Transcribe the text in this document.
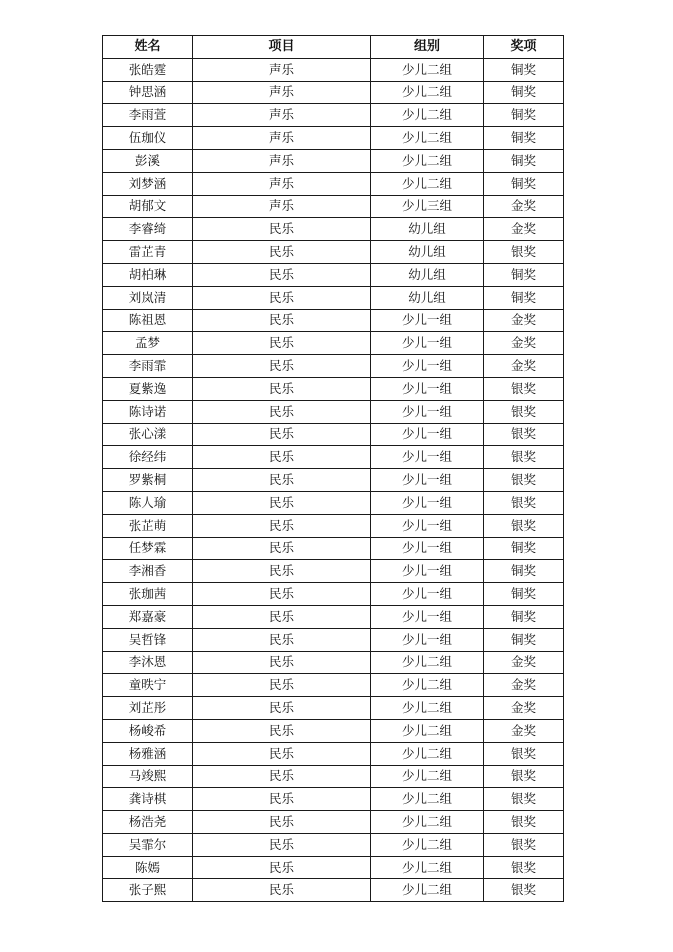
姓名	项目	组别	奖项
张皓霆	声乐	少儿二组	铜奖
钟思涵	声乐	少儿二组	铜奖
李雨萱	声乐	少儿二组	铜奖
伍珈仪	声乐	少儿二组	铜奖
彭溪	声乐	少儿二组	铜奖
刘梦涵	声乐	少儿二组	铜奖
胡郁文	声乐	少儿三组	金奖
李睿绮	民乐	幼儿组	金奖
雷芷青	民乐	幼儿组	银奖
胡柏琳	民乐	幼儿组	铜奖
刘岚清	民乐	幼儿组	铜奖
陈祖恩	民乐	少儿一组	金奖
孟梦	民乐	少儿一组	金奖
李雨霏	民乐	少儿一组	金奖
夏紫逸	民乐	少儿一组	银奖
陈诗诺	民乐	少儿一组	银奖
张心漾	民乐	少儿一组	银奖
徐经纬	民乐	少儿一组	银奖
罗紫桐	民乐	少儿一组	银奖
陈人瑜	民乐	少儿一组	银奖
张芷萌	民乐	少儿一组	银奖
任梦霖	民乐	少儿一组	铜奖
李湘香	民乐	少儿一组	铜奖
张珈茜	民乐	少儿一组	铜奖
郑嘉豪	民乐	少儿一组	铜奖
吴哲锋	民乐	少儿一组	铜奖
李沐恩	民乐	少儿二组	金奖
童昳宁	民乐	少儿二组	金奖
刘芷彤	民乐	少儿二组	金奖
杨峻希	民乐	少儿二组	金奖
杨雅涵	民乐	少儿二组	银奖
马竣熙	民乐	少儿二组	银奖
龚诗棋	民乐	少儿二组	银奖
杨浩尧	民乐	少儿二组	银奖
吴霏尔	民乐	少儿二组	银奖
陈嫣	民乐	少儿二组	银奖
张子熙	民乐	少儿二组	银奖
